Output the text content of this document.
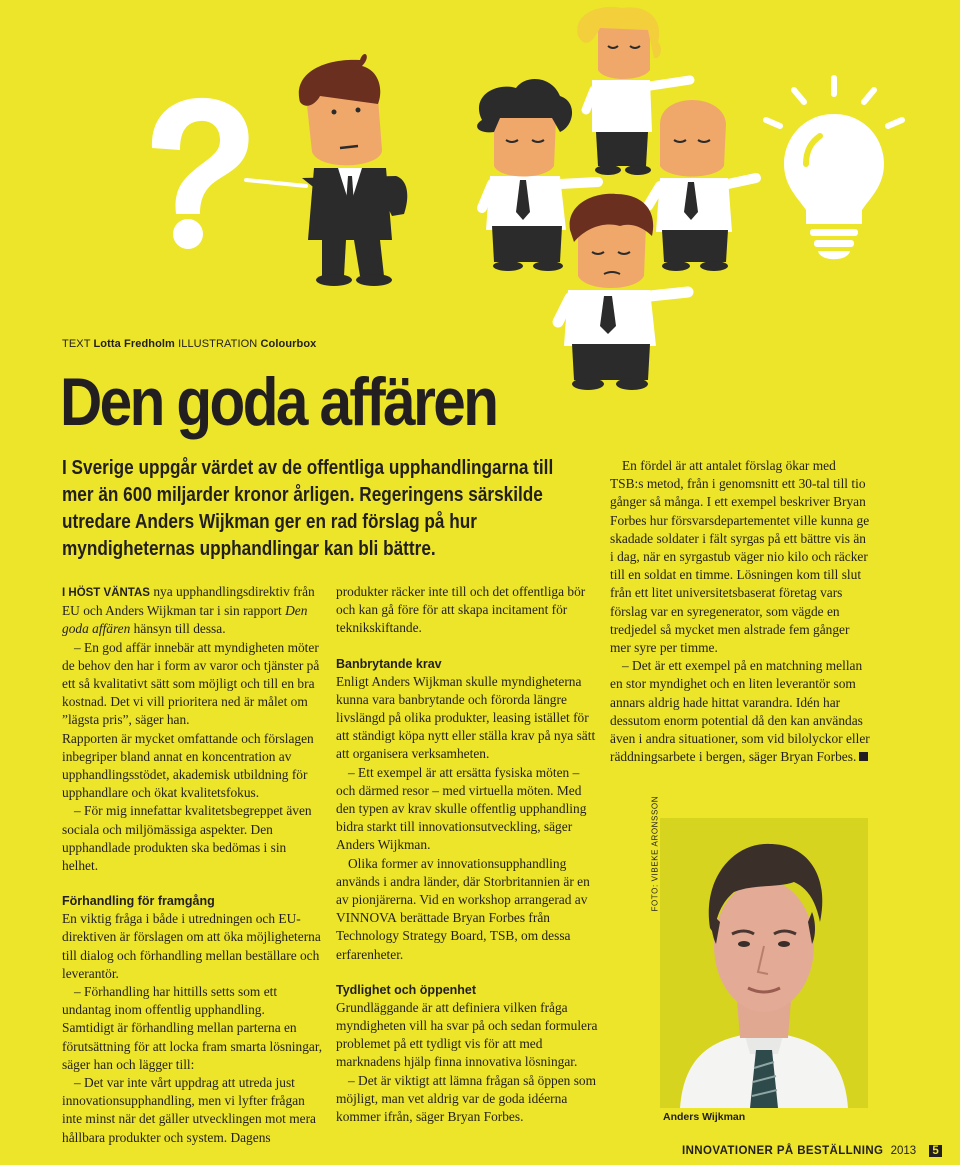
TEXT Lotta Fredholm ILLUSTRATION Colourbox
Den goda affären

I Sverige uppgår värdet av de offentliga upphandlingarna till mer än 600 miljarder kronor årligen. Regeringens särskilde utredare Anders Wijkman ger en rad förslag på hur myndigheternas upphandlingar kan bli bättre.

I HÖST VÄNTAS nya upphandlingsdirektiv från EU och Anders Wijkman tar i sin rapport Den goda affären hänsyn till dessa.

– En god affär innebär att myndigheten möter de behov den har i form av varor och tjänster på ett så kvalitativt sätt som möjligt och till en bra kostnad. Det vi vill prioritera ned är målet om ”lägsta pris”, säger han.

Rapporten är mycket omfattande och förslagen inbegriper bland annat en koncentration av upphandlingsstödet, akademisk utbildning för upphandlare och ökat kvalitetsfokus.

– För mig innefattar kvalitetsbegreppet även sociala och miljömässiga aspekter. Den upphandlade produkten ska bedömas i sin helhet.

Förhandling för framgång

En viktig fråga i både i utredningen och EU-direktiven är förslagen om att öka möjligheterna till dialog och förhandling mellan beställare och leverantör.

– Förhandling har hittills setts som ett undantag inom offentlig upphandling.

Samtidigt är förhandling mellan parterna en förutsättning för att locka fram smarta lösningar, säger han och lägger till:

– Det var inte vårt uppdrag att utreda just innovationsupphandling, men vi lyfter frågan inte minst när det gäller utvecklingen mot mera hållbara produkter och system. Dagens

produkter räcker inte till och det offentliga bör och kan gå före för att skapa incitament för teknikskiftande.

Banbrytande krav

Enligt Anders Wijkman skulle myndigheterna kunna vara banbrytande och förorda längre livslängd på olika produkter, leasing istället för att ständigt köpa nytt eller ställa krav på nya sätt att organisera verksamheten.

– Ett exempel är att ersätta fysiska möten – och därmed resor – med virtuella möten. Med den typen av krav skulle offentlig upphandling bidra starkt till innovationsutveckling, säger Anders Wijkman.

Olika former av innovationsupphandling används i andra länder, där Storbritannien är en av pionjärerna. Vid en workshop arrangerad av VINNOVA berättade Bryan Forbes från Technology Strategy Board, TSB, om dessa erfarenheter.

Tydlighet och öppenhet

Grundläggande är att definiera vilken fråga myndigheten vill ha svar på och sedan formulera problemet på ett tydligt vis för att med marknadens hjälp finna innovativa lösningar.

– Det är viktigt att lämna frågan så öppen som möjligt, man vet aldrig var de goda idéerna kommer ifrån, säger Bryan Forbes.

En fördel är att antalet förslag ökar med TSB:s metod, från i genomsnitt ett 30-tal till tio gånger så många. I ett exempel beskriver Bryan Forbes hur försvarsdepartementet ville kunna ge skadade soldater i fält syrgas på ett bättre vis än i dag, när en syrgastub väger nio kilo och räcker till en soldat en timme. Lösningen kom till slut från ett litet universitetsbaserat företag vars förslag var en syregenerator, som vägde en tredjedel så mycket men alstrade fem gånger mer syre per timme.

– Det är ett exempel på en matchning mellan en stor myndighet och en liten leverantör som annars aldrig hade hittat varandra. Idén har dessutom enorm potential då den kan användas även i andra situationer, som vid bilolyckor eller räddningsarbete i bergen, säger Bryan Forbes.

FOTO: VIBEKE ARONSSON
Anders Wijkman
INNOVATIONER PÅ BESTÄLLNING 2013 5
